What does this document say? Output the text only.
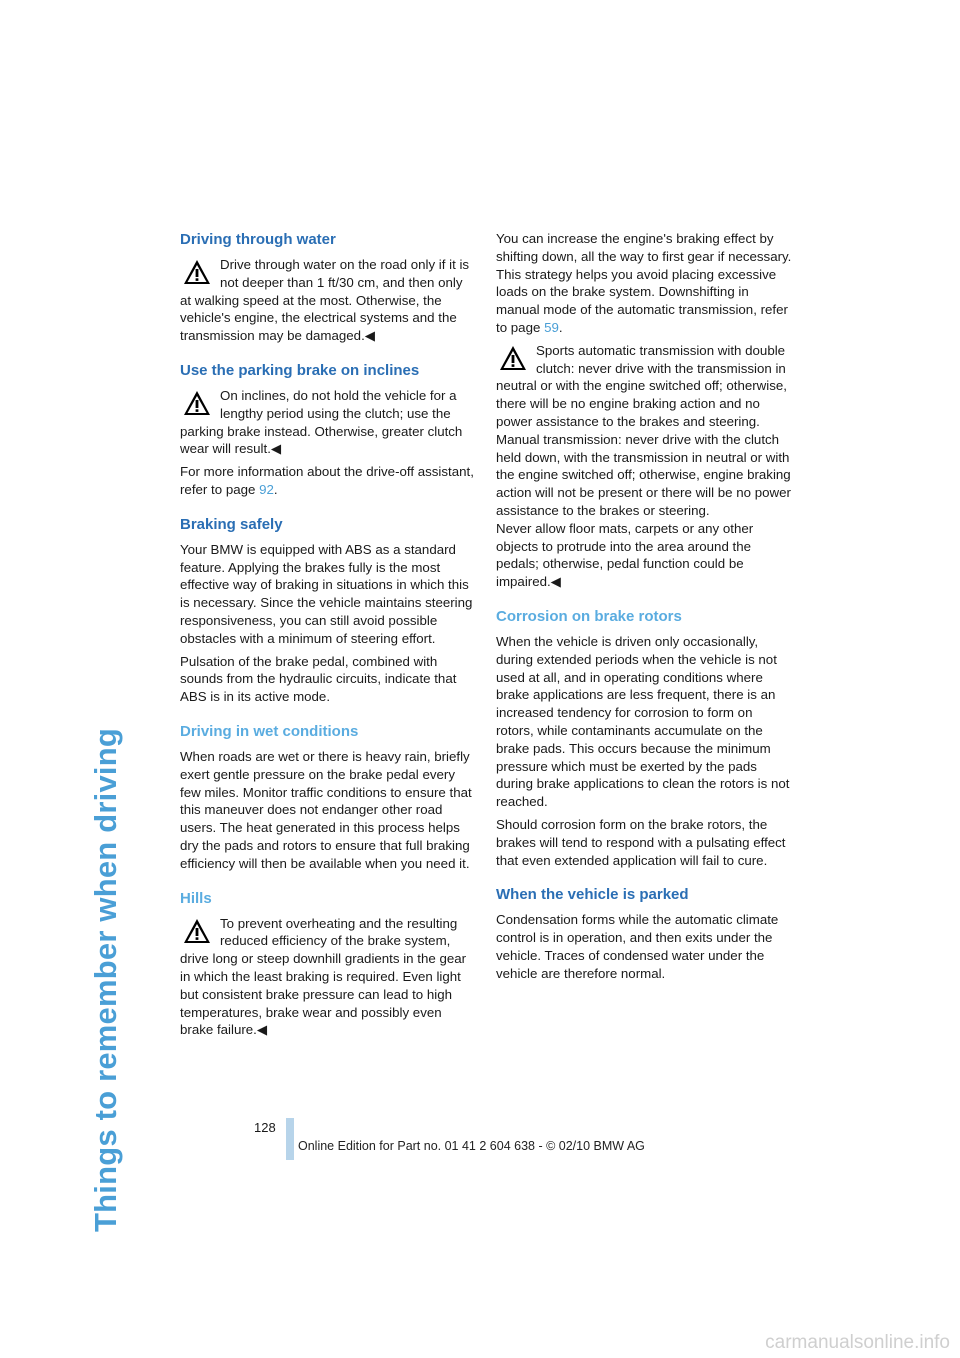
Things to remember when driving
Driving through water
Drive through water on the road only if it is not deeper than 1 ft/30 cm, and then only at walking speed at the most. Otherwise, the vehicle's engine, the electrical systems and the transmission may be damaged.◀
Use the parking brake on inclines
On inclines, do not hold the vehicle for a lengthy period using the clutch; use the parking brake instead. Otherwise, greater clutch wear will result.◀

For more information about the drive-off assistant, refer to page 92.

Braking safely

Your BMW is equipped with ABS as a standard feature. Applying the brakes fully is the most effective way of braking in situations in which this is necessary. Since the vehicle maintains steering responsiveness, you can still avoid possible obstacles with a minimum of steering effort.

Pulsation of the brake pedal, combined with sounds from the hydraulic circuits, indicate that ABS is in its active mode.

Driving in wet conditions

When roads are wet or there is heavy rain, briefly exert gentle pressure on the brake pedal every few miles. Monitor traffic conditions to ensure that this maneuver does not endanger other road users. The heat generated in this process helps dry the pads and rotors to ensure that full braking efficiency will then be available when you need it.

Hills
To prevent overheating and the resulting reduced efficiency of the brake system, drive long or steep downhill gradients in the gear in which the least braking is required. Even light but consistent brake pressure can lead to high temperatures, brake wear and possibly even brake failure.◀

You can increase the engine's braking effect by shifting down, all the way to first gear if necessary. This strategy helps you avoid placing excessive loads on the brake system. Downshifting in manual mode of the automatic transmission, refer to page 59.

Sports automatic transmission with double clutch: never drive with the transmission in neutral or with the engine switched off; otherwise, there will be no engine braking action and no power assistance to the brakes and steering.
Manual transmission: never drive with the clutch held down, with the transmission in neutral or with the engine switched off; otherwise, engine braking action will not be present or there will be no power assistance to the brakes or steering.
Never allow floor mats, carpets or any other objects to protrude into the area around the pedals; otherwise, pedal function could be impaired.◀
Corrosion on brake rotors

When the vehicle is driven only occasionally, during extended periods when the vehicle is not used at all, and in operating conditions where brake applications are less frequent, there is an increased tendency for corrosion to form on rotors, while contaminants accumulate on the brake pads. This occurs because the minimum pressure which must be exerted by the pads during brake applications to clean the rotors is not reached.

Should corrosion form on the brake rotors, the brakes will tend to respond with a pulsating effect that even extended application will fail to cure.

When the vehicle is parked

Condensation forms while the automatic climate control is in operation, and then exits under the vehicle. Traces of condensed water under the vehicle are therefore normal.

128
Online Edition for Part no. 01 41 2 604 638 - © 02/10 BMW AG
carmanualsonline.info
